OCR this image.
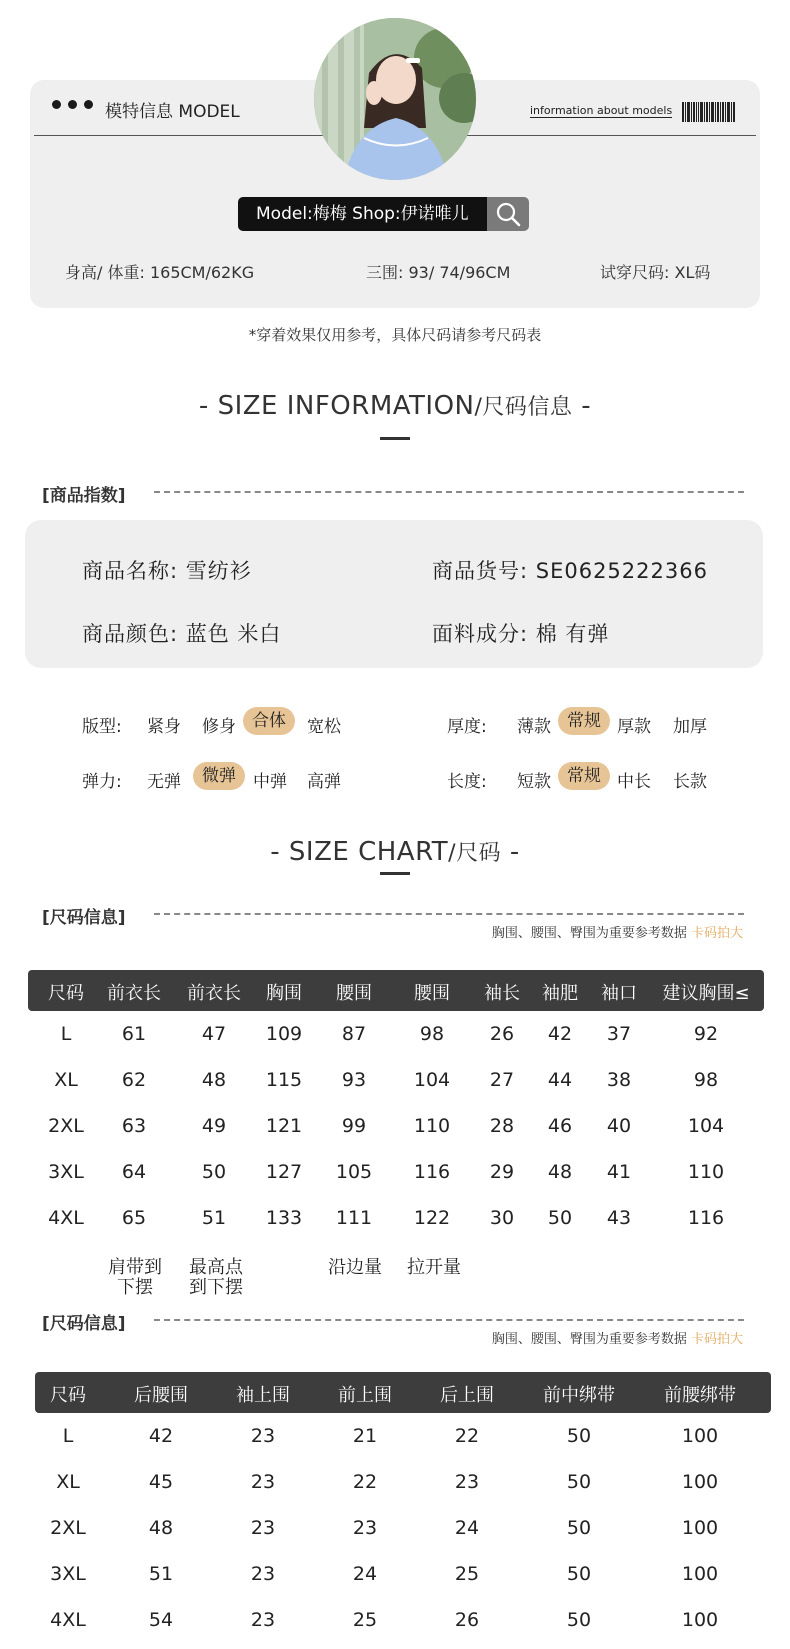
模特信息 MODEL	information about models
Model:梅梅 Shop:伊诺唯儿
身高/ 体重: 165CM/62KG	三围: 93/ 74/96CM	试穿尺码: XL码
*穿着效果仅用参考，具体尺码请参考尺码表
- SIZE INFORMATION/尺码信息 -
[商品指数]
商品名称: 雪纺衫	商品货号: SE0625222366
商品颜色: 蓝色 米白	面料成分: 棉 有弹
版型: 紧身 修身 合体	宽松	厚度: 薄款 常规 厚款 加厚
弹力: 无弹	微弹	中弹 高弹	长度: 短款 常规 中长 长款
- SIZE CHART/尺码 -
[尺码信息]
胸围、腰围、臀围为重要参考数据 卡码拍大
尺码	前衣长	前衣长	胸围	腰围	腰围	袖长	袖肥	袖口	建议胸围≤
L	61	47	109	87	98	26	42	37	92
XL	62	48	115	93	104	27	44	38	98
2XL	63	49	121	99	110	28	46	40	104
3XL	64	50	127	105	116	29	48	41	110
4XL	65	51	133	111	122	30	50	43	116
肩带到
下摆
最高点
到下摆
沿边量	拉开量
[尺码信息]
胸围、腰围、臀围为重要参考数据 卡码拍大
尺码	后腰围	袖上围	前上围	后上围	前中绑带	前腰绑带
L	42	23	21	22	50	100
XL	45	23	22	23	50	100
2XL	48	23	23	24	50	100
3XL	51	23	24	25	50	100
4XL	54	23	25	26	50	100
